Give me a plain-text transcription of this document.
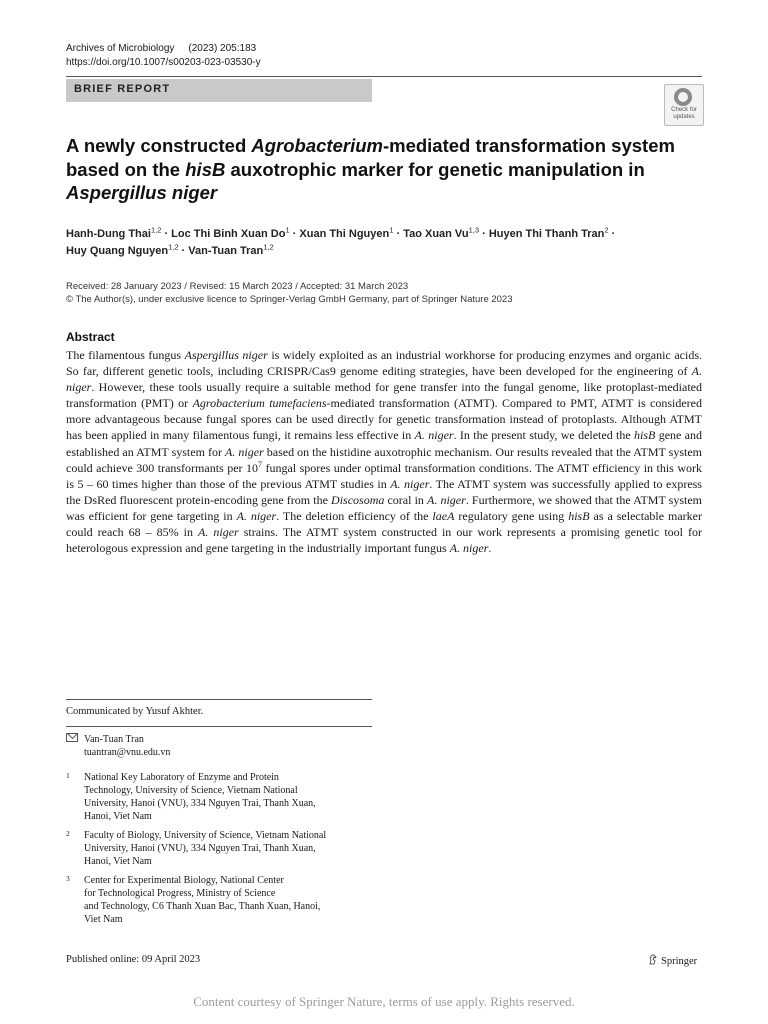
Archives of Microbiology (2023) 205:183
https://doi.org/10.1007/s00203-023-03530-y
BRIEF REPORT
Check for updates
A newly constructed Agrobacterium-mediated transformation system based on the hisB auxotrophic marker for genetic manipulation in Aspergillus niger
Hanh-Dung Thai$^{1,2}$ · Loc Thi Binh Xuan $Do^1$ · Xuan Thi Nguyen$^1$ · Tao Xuan Vu$^{1,3}$ · Huyen Thi Thanh Tran$^2$ ·
Huy Quang Nguyen$^{1,2}$ · Van-Tuan Tran$^{1,2}$
Received: 28 January 2023 / Revised: 15 March 2023 / Accepted: 31 March 2023
© The Author(s), under exclusive licence to Springer-Verlag GmbH Germany, part of Springer Nature 2023
Abstract
The filamentous fungus Aspergillus niger is widely exploited as an industrial workhorse for producing enzymes and organic acids. So far, different genetic tools, including CRISPR/Cas9 genome editing strategies, have been developed for the engineering of A. niger. However, these tools usually require a suitable method for gene transfer into the fungal genome, like protoplast-mediated transformation (PMT) or Agrobacterium tumefaciens-mediated transformation (ATMT). Compared to PMT, ATMT is considered more advantageous because fungal spores can be used directly for genetic transformation instead of protoplasts. Although ATMT has been applied in many filamentous fungi, it remains less effective in A. niger. In the present study, we deleted the hisB gene and established an ATMT system for A. niger based on the histidine auxotrophic mechanism. Our results revealed that the ATMT system could achieve 300 transformants per $10^7$ fungal spores under optimal transformation conditions. The ATMT efficiency in this work is 5 – 60 times higher than those of the previous ATMT studies in A. niger. The ATMT system was successfully applied to express the DsRed fluorescent protein-encoding gene from the Discosoma coral in A. niger. Furthermore, we showed that the ATMT system was efficient for gene targeting in A. niger. The deletion efficiency of the laeA regulatory gene using hisB as a selectable marker could reach 68 – 85% in A. niger strains. The ATMT system constructed in our work represents a promising genetic tool for heterologous expression and gene targeting in the industrially important fungus A. niger.
Communicated by Yusuf Akhter.
Van-Tuan Tran
tuantran@vnu.edu.vn
1 National Key Laboratory of Enzyme and Protein
Technology, University of Science, Vietnam National
University, Hanoi (VNU), 334 Nguyen Trai, Thanh Xuan,
Hanoi, Viet Nam
2 Faculty of Biology, University of Science, Vietnam National
University, Hanoi (VNU), 334 Nguyen Trai, Thanh Xuan,
Hanoi, Viet Nam
3 Center for Experimental Biology, National Center
for Technological Progress, Ministry of Science
and Technology, C6 Thanh Xuan Bac, Thanh Xuan, Hanoi,
Viet Nam
Published online: 09 April 2023	Springer
Content courtesy of Springer Nature, terms of use apply. Rights reserved.
